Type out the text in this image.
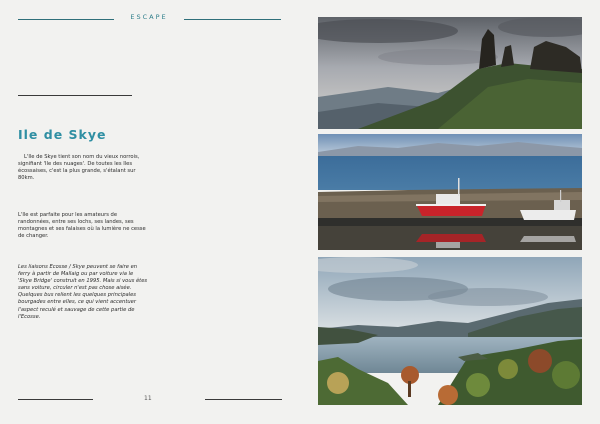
ESCAPE
Ile de Skye
L'Ile de Skye tient son nom du vieux norrois, signifiant 'Ile des nuages'. De toutes les Iles écossaises, c'est la plus grande, s'étalant sur 80km.
L'Ile est parfaite pour les amateurs de randonnées, entre ses lochs, ses landes, ses montagnes et ses falaises où la lumière ne cesse de changer.
Les liaisons Ecosse / Skye peuvent se faire en ferry à partir de Mallaig ou par voiture via le 'Skye Bridge' construit en 1995. Mais si vous êtes sans voiture, circuler n'est pas chose aisée. Quelques bus relient les quelques principales bourgades entre elles, ce qui vient accentuer l'aspect reculé et sauvage de cette partie de l'Ecosse.
11
